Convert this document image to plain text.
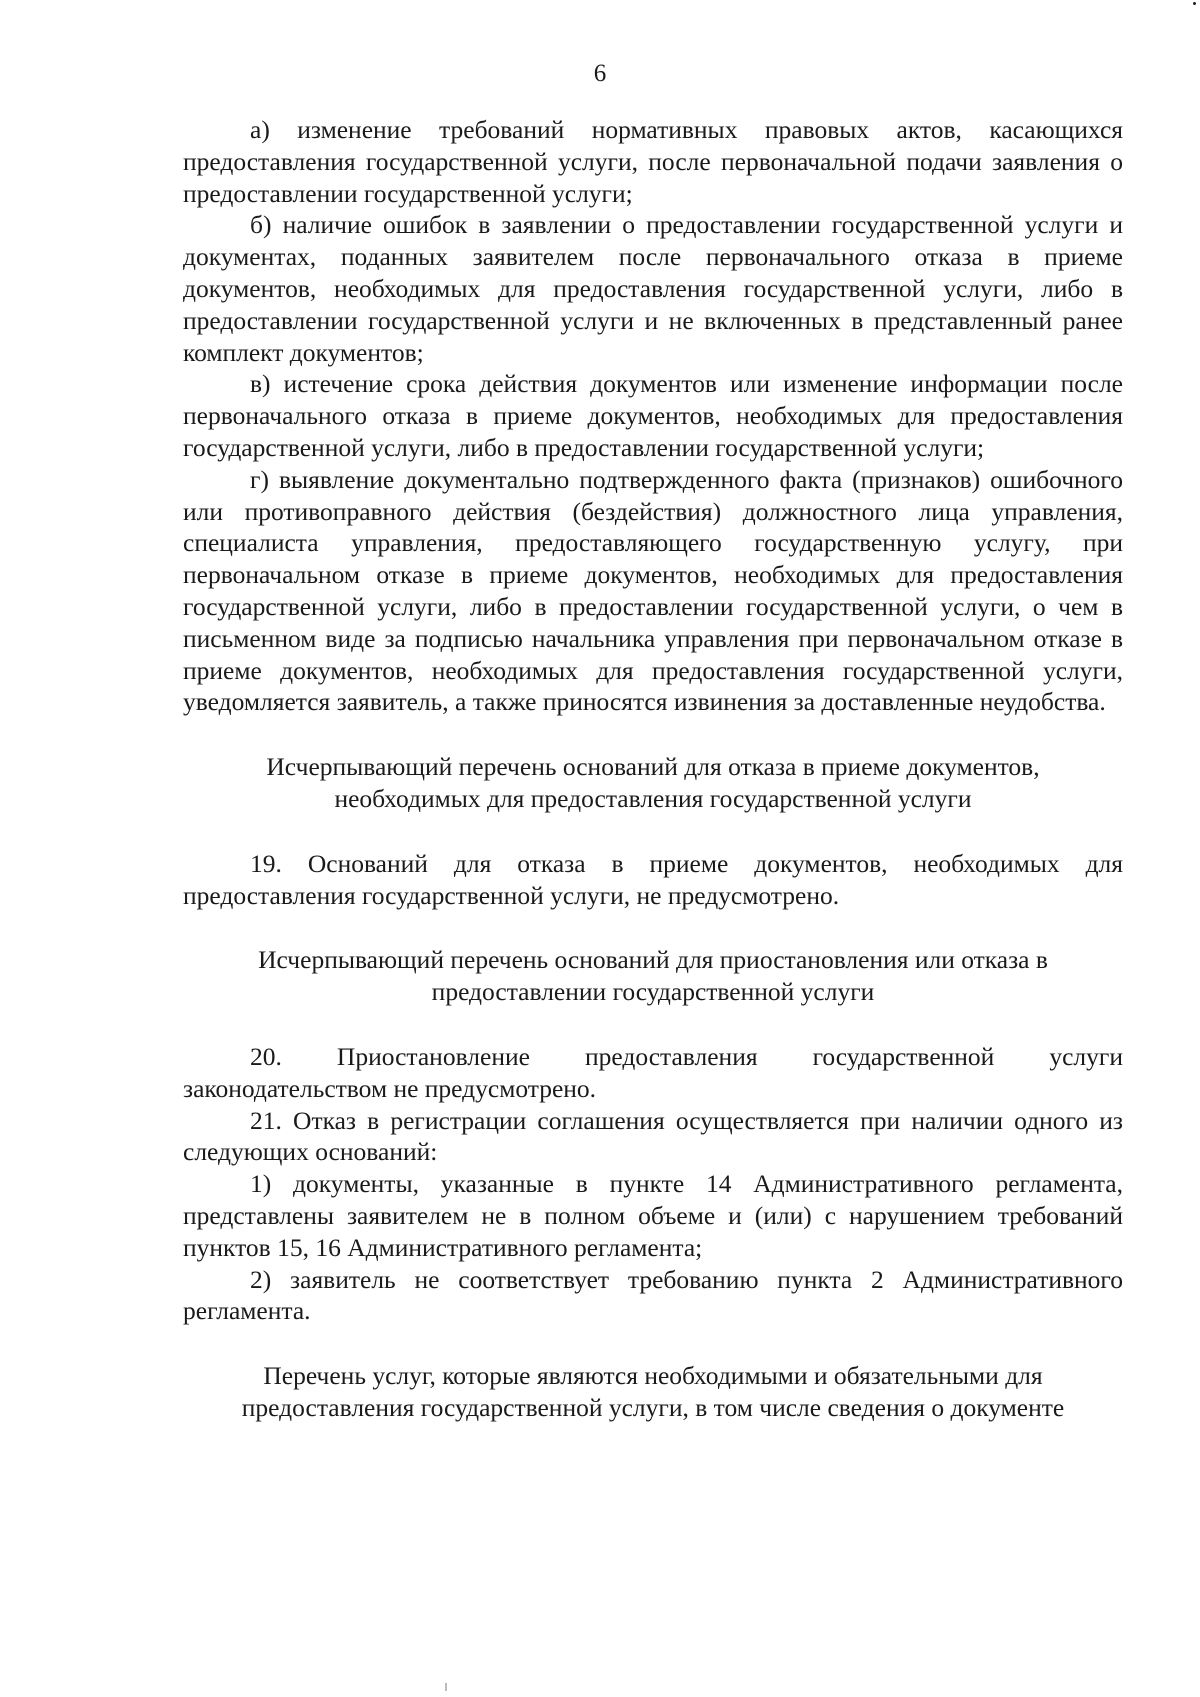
6

а) изменение требований нормативных правовых актов, касающихся предоставления государственной услуги, после первоначальной подачи заявления о предоставлении государственной услуги;

б) наличие ошибок в заявлении о предоставлении государственной услуги и документах, поданных заявителем после первоначального отказа в приеме документов, необходимых для предоставления государственной услуги, либо в предоставлении государственной услуги и не включенных в представленный ранее комплект документов;

в) истечение срока действия документов или изменение информации после первоначального отказа в приеме документов, необходимых для предоставления государственной услуги, либо в предоставлении государственной услуги;

г) выявление документально подтвержденного факта (признаков) ошибочного или противоправного действия (бездействия) должностного лица управления, специалиста управления, предоставляющего государственную услугу, при первоначальном отказе в приеме документов, необходимых для предоставления государственной услуги, либо в предоставлении государственной услуги, о чем в письменном виде за подписью начальника управления при первоначальном отказе в приеме документов, необходимых для предоставления государственной услуги, уведомляется заявитель, а также приносятся извинения за доставленные неудобства.

Исчерпывающий перечень оснований для отказа в приеме документов, необходимых для предоставления государственной услуги

19. Оснований для отказа в приеме документов, необходимых для предоставления государственной услуги, не предусмотрено.

Исчерпывающий перечень оснований для приостановления или отказа в предоставлении государственной услуги

20. Приостановление предоставления государственной услуги законодательством не предусмотрено.

21. Отказ в регистрации соглашения осуществляется при наличии одного из следующих оснований:

1) документы, указанные в пункте 14 Административного регламента, представлены заявителем не в полном объеме и (или) с нарушением требований пунктов 15, 16 Административного регламента;

2) заявитель не соответствует требованию пункта 2 Административного регламента.

Перечень услуг, которые являются необходимыми и обязательными для предоставления государственной услуги, в том числе сведения о документе
